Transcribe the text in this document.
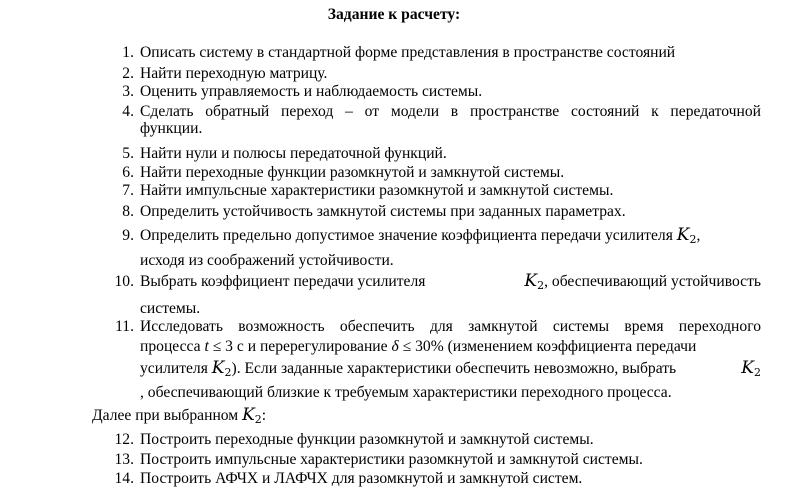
Задание к расчету:
1. Описать систему в стандартной форме представления в пространстве состояний
2. Найти переходную матрицу.
3. Оценить управляемость и наблюдаемость системы.
4. Сделать обратный переход – от модели в пространстве состояний к передаточной
функции.
5. Найти нули и полюсы передаточной функций.
6. Найти переходные функции разомкнутой и замкнутой системы.
7. Найти импульсные характеристики разомкнутой и замкнутой системы.
8. Определить устойчивость замкнутой системы при заданных параметрах.
9. Определить предельно допустимое значение коэффициента передачи усилителя $K_2$,
исходя из соображений устойчивости.
10. Выбрать коэффициент передачи усилителя	$K_2$, обеспечивающий устойчивость
системы.
11. Исследовать возможность обеспечить для замкнутой системы время переходного
процесса t ≤ 3 с и перерегулирование δ ≤ 30% (изменением коэффициента передачи
усилителя $K_2$). Если заданные характеристики обеспечить невозможно, выбрать	$K_2$
, обеспечивающий близкие к требуемым характеристики переходного процесса.
Далее при выбранном $K_2$:
12. Построить переходные функции разомкнутой и замкнутой системы.
13. Построить импульсные характеристики разомкнутой и замкнутой системы.
14. Построить АФЧХ и ЛАФЧХ для разомкнутой и замкнутой систем.
